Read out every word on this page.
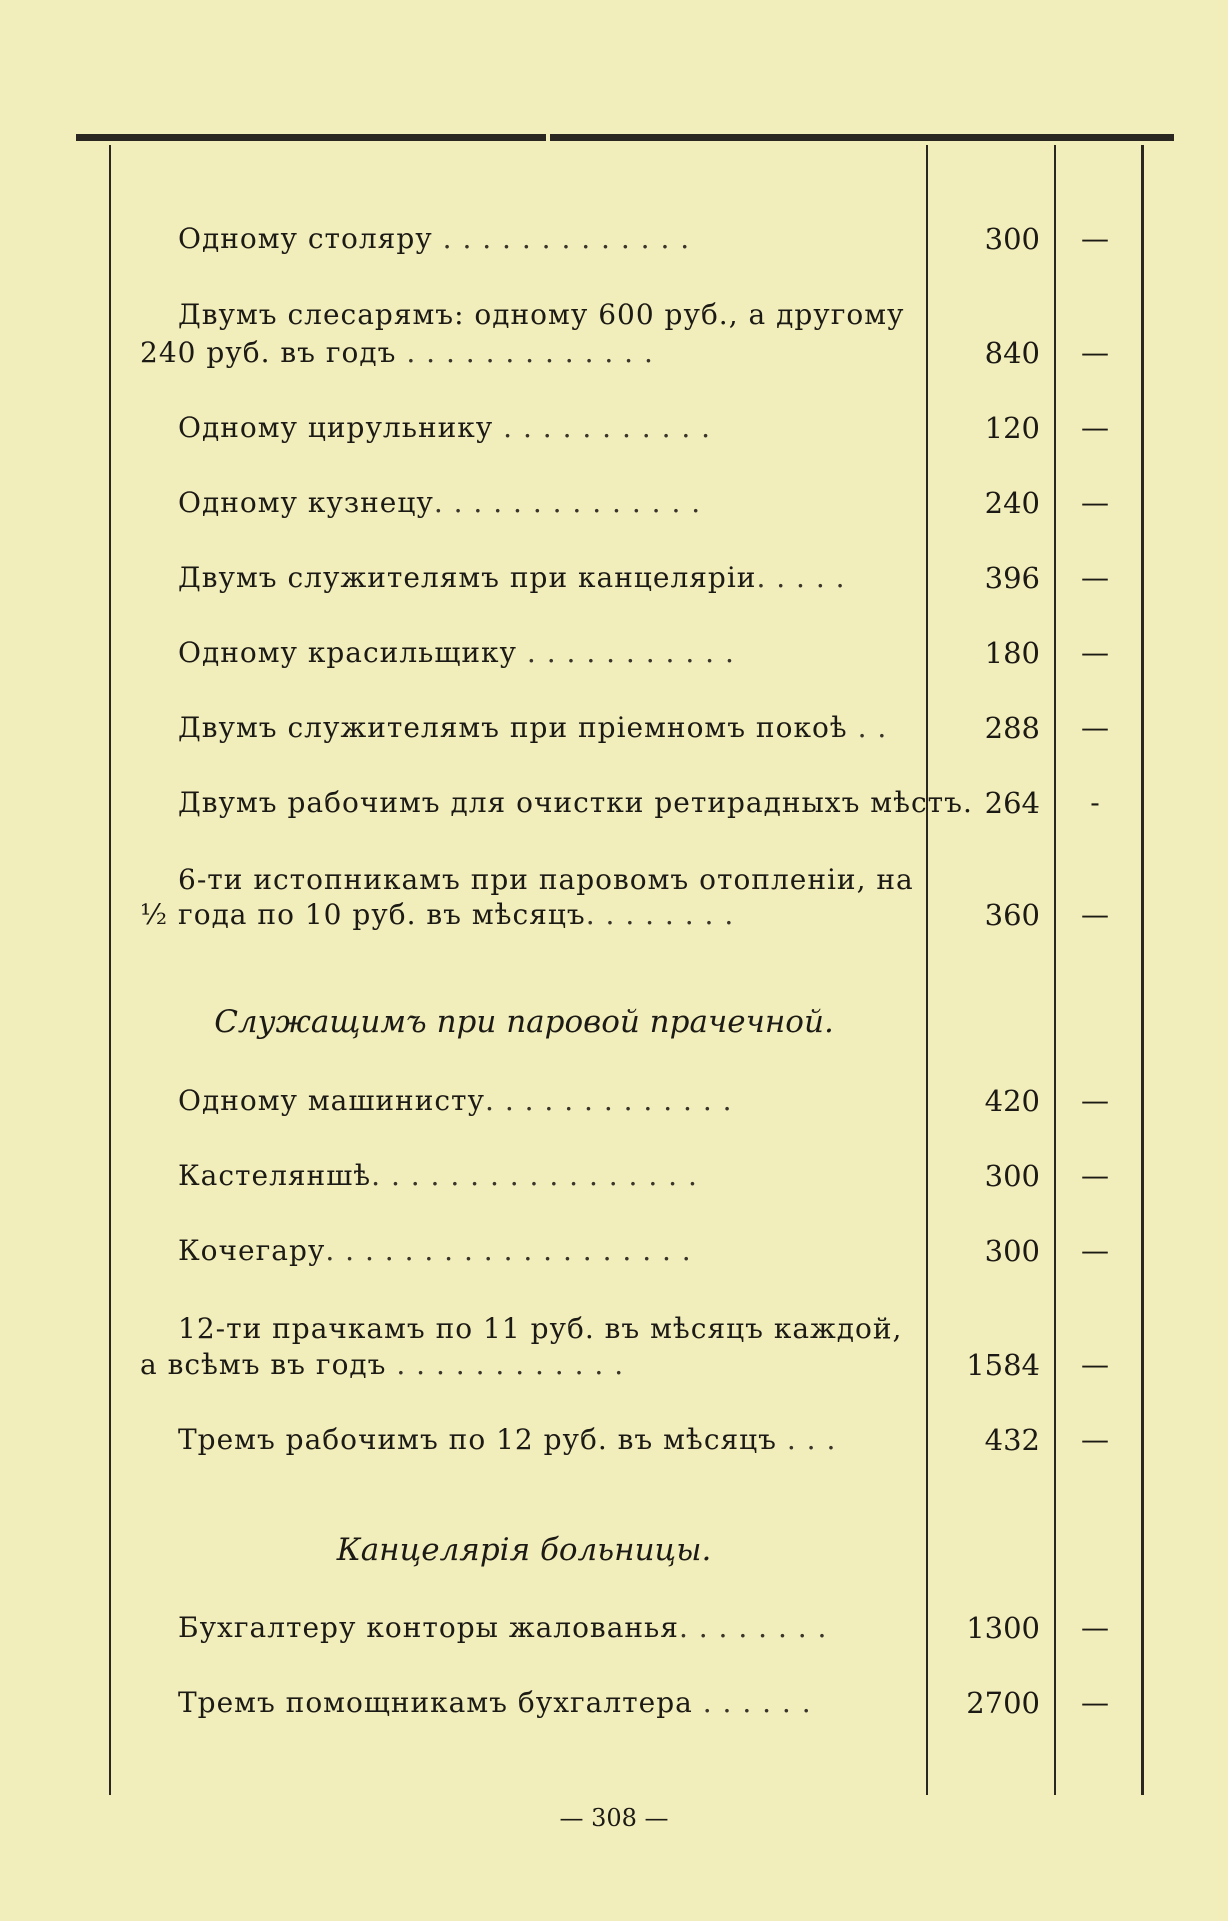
Одному столяру . . . . . . . . . . . . .	300 —
Двумъ слесарямъ: одному 600 руб., а другому
240 руб. въ годъ . . . . . . . . . . . . .	840 —
Одному цирульнику . . . . . . . . . . .	120 —
Одному кузнецу. . . . . . . . . . . . . .	240 —
Двумъ служителямъ при канцеляріи. . . . .	396 —
Одному красильщику . . . . . . . . . . .	180 —
Двумъ служителямъ при пріемномъ покоѣ . .	288 —
Двумъ рабочимъ для очистки ретирадныхъ мѣстъ. 264	-
6-ти истопникамъ при паровомъ отопленіи, на
½ года по 10 руб. въ мѣсяцъ. . . . . . . .	360 —
Служащимъ при паровой прачечной.
Одному машинисту. . . . . . . . . . . . .	420 —
Кастеляншѣ. . . . . . . . . . . . . . . . .	300 —
Кочегару. . . . . . . . . . . . . . . . . . .	300 —
12-ти прачкамъ по 11 руб. въ мѣсяцъ каждой,
а всѣмъ въ годъ . . . . . . . . . . . .	1584 —
Тремъ рабочимъ по 12 руб. въ мѣсяцъ . . .	432 —
Канцелярія больницы.
Бухгалтеру конторы жалованья. . . . . . . .	1300 —
Тремъ помощникамъ бухгалтера . . . . . .	2700 —
— 308 —
